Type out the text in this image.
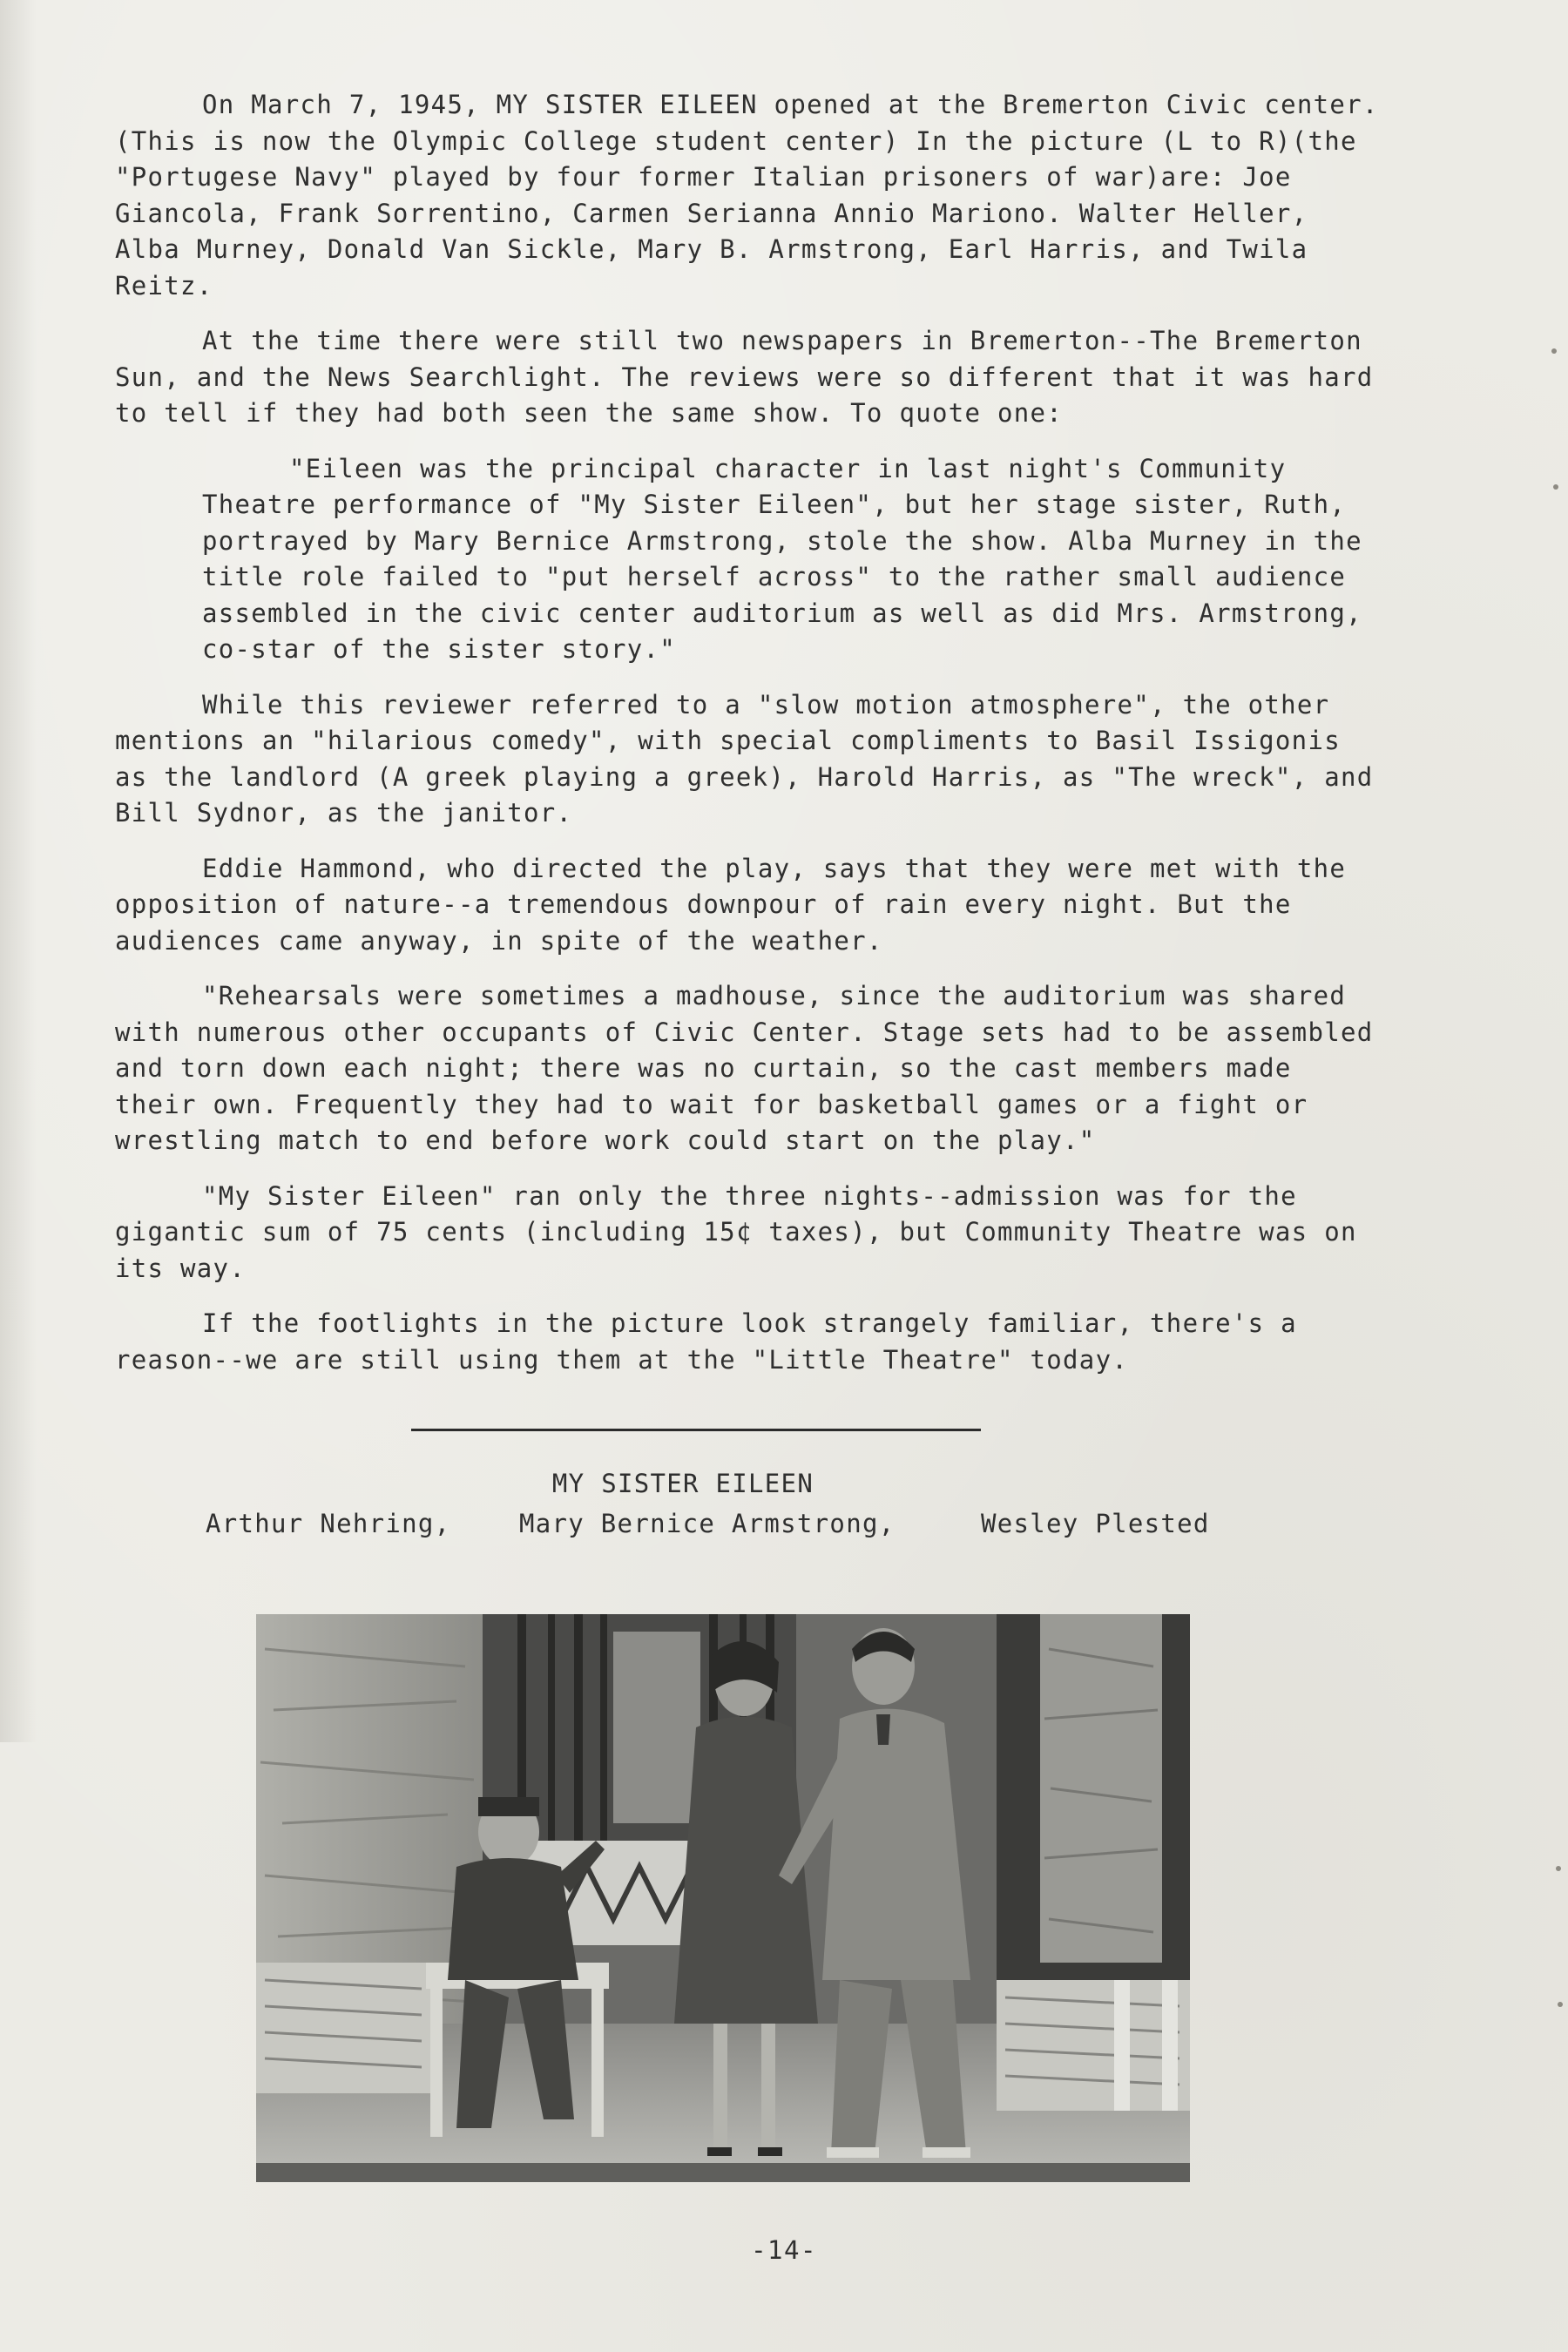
On March 7, 1945, MY SISTER EILEEN opened at the Bremerton Civic center. (This is now the Olympic College student center) In the picture (L to R)(the "Portugese Navy" played by four former Italian prisoners of war)are: Joe Giancola, Frank Sorrentino, Carmen Serianna Annio Mariono. Walter Heller, Alba Murney, Donald Van Sickle, Mary B. Armstrong, Earl Harris, and Twila Reitz.

At the time there were still two newspapers in Bremerton--The Bremerton Sun, and the News Searchlight. The reviews were so different that it was hard to tell if they had both seen the same show. To quote one:

"Eileen was the principal character in last night's Community Theatre performance of "My Sister Eileen", but her stage sister, Ruth, portrayed by Mary Bernice Armstrong, stole the show. Alba Murney in the title role failed to "put herself across" to the rather small audience assembled in the civic center auditorium as well as did Mrs. Armstrong, co-star of the sister story."

While this reviewer referred to a "slow motion atmosphere", the other mentions an "hilarious comedy", with special compliments to Basil Issigonis as the landlord (A greek playing a greek), Harold Harris, as "The wreck", and Bill Sydnor, as the janitor.

Eddie Hammond, who directed the play, says that they were met with the opposition of nature--a tremendous downpour of rain every night. But the audiences came anyway, in spite of the weather.

"Rehearsals were sometimes a madhouse, since the auditorium was shared with numerous other occupants of Civic Center. Stage sets had to be assembled and torn down each night; there was no curtain, so the cast members made their own. Frequently they had to wait for basketball games or a fight or wrestling match to end before work could start on the play."

"My Sister Eileen" ran only the three nights--admission was for the gigantic sum of 75 cents (including 15¢ taxes), but Community Theatre was on its way.

If the footlights in the picture look strangely familiar, there's a reason--we are still using them at the "Little Theatre" today.

MY SISTER EILEEN
Arthur Nehring,	Mary Bernice Armstrong,	Wesley Plested
-14-
